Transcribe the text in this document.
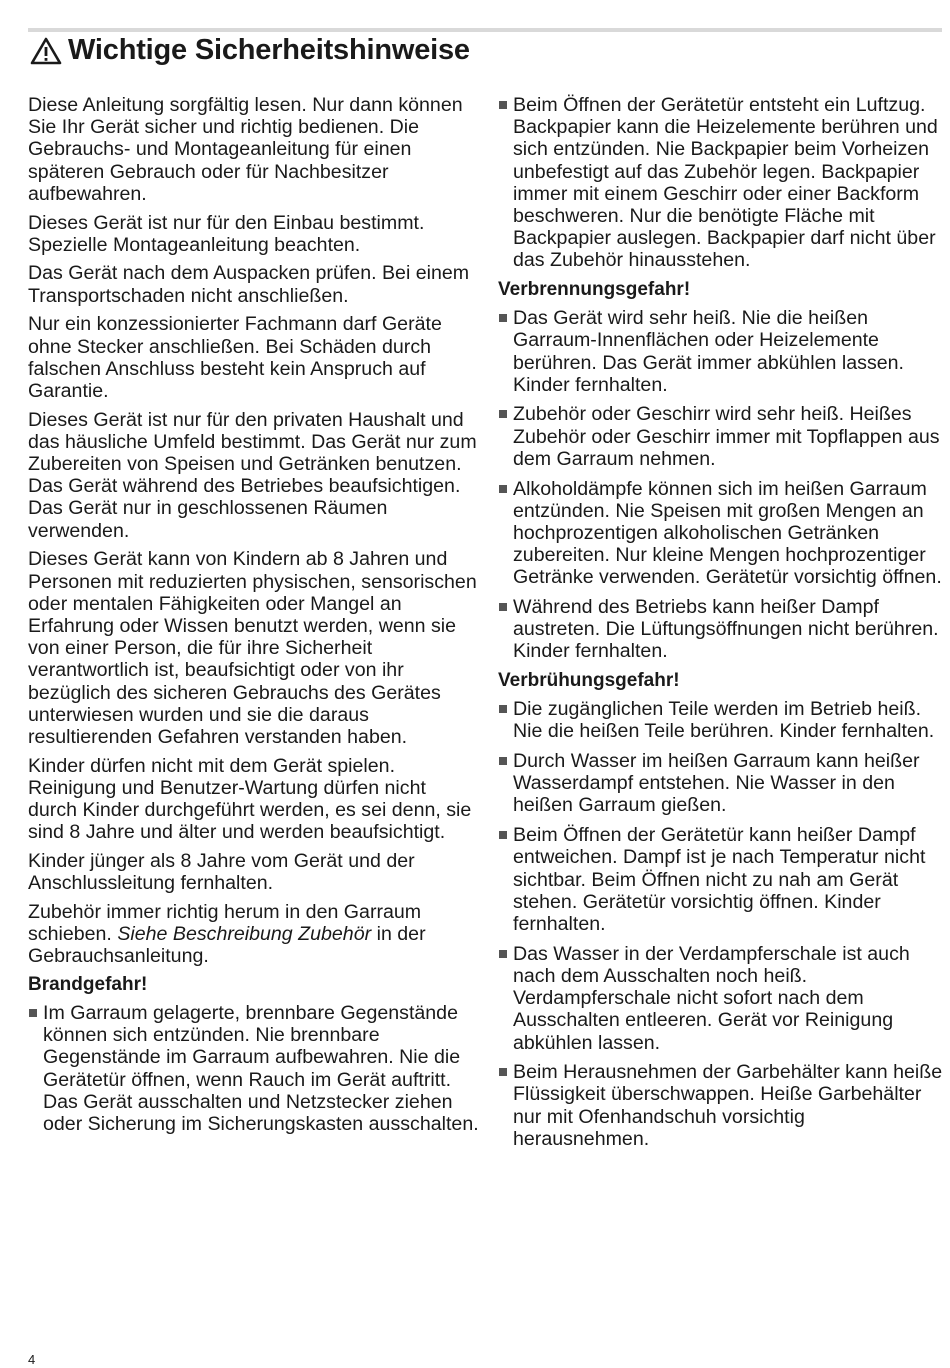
Wichtige Sicherheitshinweise

Diese Anleitung sorgfältig lesen. Nur dann können Sie Ihr Gerät sicher und richtig bedienen. Die Gebrauchs- und Montageanleitung für einen späteren Gebrauch oder für Nachbesitzer aufbewahren.

Dieses Gerät ist nur für den Einbau bestimmt. Spezielle Montageanleitung beachten.

Das Gerät nach dem Auspacken prüfen. Bei einem Transportschaden nicht anschließen.

Nur ein konzessionierter Fachmann darf Geräte ohne Stecker anschließen. Bei Schäden durch falschen Anschluss besteht kein Anspruch auf Garantie.

Dieses Gerät ist nur für den privaten Haushalt und das häusliche Umfeld bestimmt. Das Gerät nur zum Zubereiten von Speisen und Getränken benutzen. Das Gerät während des Betriebes beaufsichtigen. Das Gerät nur in geschlossenen Räumen verwenden.

Dieses Gerät kann von Kindern ab 8 Jahren und Personen mit reduzierten physischen, sensorischen oder mentalen Fähigkeiten oder Mangel an Erfahrung oder Wissen benutzt werden, wenn sie von einer Person, die für ihre Sicherheit verantwortlich ist, beaufsichtigt oder von ihr bezüglich des sicheren Gebrauchs des Gerätes unterwiesen wurden und sie die daraus resultierenden Gefahren verstanden haben.

Kinder dürfen nicht mit dem Gerät spielen. Reinigung und Benutzer-Wartung dürfen nicht durch Kinder durchgeführt werden, es sei denn, sie sind 8 Jahre und älter und werden beaufsichtigt.

Kinder jünger als 8 Jahre vom Gerät und der Anschlussleitung fernhalten.

Zubehör immer richtig herum in den Garraum schieben. Siehe Beschreibung Zubehör in der Gebrauchsanleitung.

Brandgefahr!
Im Garraum gelagerte, brennbare Gegenstände können sich entzünden. Nie brennbare Gegenstände im Garraum aufbewahren. Nie die Gerätetür öffnen, wenn Rauch im Gerät auftritt. Das Gerät ausschalten und Netzstecker ziehen oder Sicherung im Sicherungskasten ausschalten.
Beim Öffnen der Gerätetür entsteht ein Luftzug. Backpapier kann die Heizelemente berühren und sich entzünden. Nie Backpapier beim Vorheizen unbefestigt auf das Zubehör legen. Backpapier immer mit einem Geschirr oder einer Backform beschweren. Nur die benötigte Fläche mit Backpapier auslegen. Backpapier darf nicht über das Zubehör hinausstehen.
Verbrennungsgefahr!
Das Gerät wird sehr heiß. Nie die heißen Garraum-Innenflächen oder Heizelemente berühren. Das Gerät immer abkühlen lassen. Kinder fernhalten.
Zubehör oder Geschirr wird sehr heiß. Heißes Zubehör oder Geschirr immer mit Topflappen aus dem Garraum nehmen.
Alkoholdämpfe können sich im heißen Garraum entzünden. Nie Speisen mit großen Mengen an hochprozentigen alkoholischen Getränken zubereiten. Nur kleine Mengen hochprozentiger Getränke verwenden. Gerätetür vorsichtig öffnen.
Während des Betriebs kann heißer Dampf austreten. Die Lüftungsöffnungen nicht berühren. Kinder fernhalten.
Verbrühungsgefahr!
Die zugänglichen Teile werden im Betrieb heiß. Nie die heißen Teile berühren. Kinder fernhalten.
Durch Wasser im heißen Garraum kann heißer Wasserdampf entstehen. Nie Wasser in den heißen Garraum gießen.
Beim Öffnen der Gerätetür kann heißer Dampf entweichen. Dampf ist je nach Temperatur nicht sichtbar. Beim Öffnen nicht zu nah am Gerät stehen. Gerätetür vorsichtig öffnen. Kinder fernhalten.
Das Wasser in der Verdampferschale ist auch nach dem Ausschalten noch heiß. Verdampferschale nicht sofort nach dem Ausschalten entleeren. Gerät vor Reinigung abkühlen lassen.
Beim Herausnehmen der Garbehälter kann heiße Flüssigkeit überschwappen. Heiße Garbehälter nur mit Ofenhandschuh vorsichtig herausnehmen.
4
